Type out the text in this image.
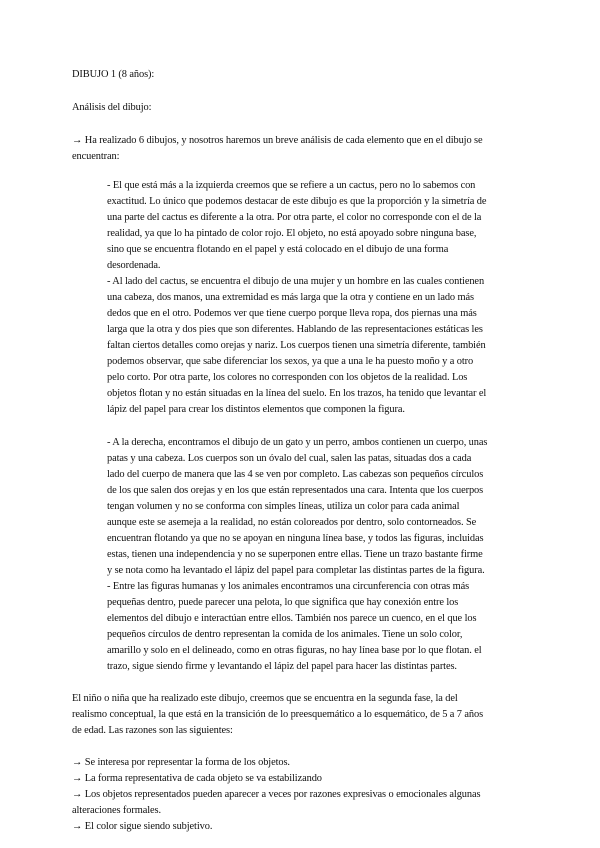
DIBUJO 1 (8 años):
Análisis del dibujo:
→ Ha realizado 6 dibujos, y nosotros haremos un breve análisis de cada elemento que en el dibujo se
encuentran:
- El que está más a la izquierda creemos que se refiere a un cactus, pero no lo sabemos con
exactitud. Lo único que podemos destacar de este dibujo es que la proporción y la simetría de
una parte del cactus es diferente a la otra. Por otra parte, el color no corresponde con el de la
realidad, ya que lo ha pintado de color rojo. El objeto, no está apoyado sobre ninguna base,
sino que se encuentra flotando en el papel y está colocado en el dibujo de una forma
desordenada.
- Al lado del cactus, se encuentra el dibujo de una mujer y un hombre en las cuales contienen
una cabeza, dos manos, una extremidad es más larga que la otra y contiene en un lado más
dedos que en el otro. Podemos ver que tiene cuerpo porque lleva ropa, dos piernas una más
larga que la otra y dos pies que son diferentes. Hablando de las representaciones estáticas les
faltan ciertos detalles como orejas y nariz. Los cuerpos tienen una simetría diferente, también
podemos observar, que sabe diferenciar los sexos, ya que a una le ha puesto moño y a otro
pelo corto. Por otra parte, los colores no corresponden con los objetos de la realidad. Los
objetos flotan y no están situadas en la línea del suelo. En los trazos, ha tenido que levantar el
lápiz del papel para crear los distintos elementos que componen la figura.
- A la derecha, encontramos el dibujo de un gato y un perro, ambos contienen un cuerpo, unas
patas y una cabeza. Los cuerpos son un óvalo del cual, salen las patas, situadas dos a cada
lado del cuerpo de manera que las 4 se ven por completo. Las cabezas son pequeños círculos
de los que salen dos orejas y en los que están representados una cara. Intenta que los cuerpos
tengan volumen y no se conforma con simples líneas, utiliza un color para cada animal
aunque este se asemeja a la realidad, no están coloreados por dentro, solo contorneados. Se
encuentran flotando ya que no se apoyan en ninguna línea base, y todos las figuras, incluidas
estas, tienen una independencia y no se superponen entre ellas. Tiene un trazo bastante firme
y se nota como ha levantado el lápiz del papel para completar las distintas partes de la figura.
- Entre las figuras humanas y los animales encontramos una circunferencia con otras más
pequeñas dentro, puede parecer una pelota, lo que significa que hay conexión entre los
elementos del dibujo e interactúan entre ellos. También nos parece un cuenco, en el que los
pequeños círculos de dentro representan la comida de los animales. Tiene un solo color,
amarillo y solo en el delineado, como en otras figuras, no hay línea base por lo que flotan. el
trazo, sigue siendo firme y levantando el lápiz del papel para hacer las distintas partes.
El niño o niña que ha realizado este dibujo, creemos que se encuentra en la segunda fase, la del
realismo conceptual, la que está en la transición de lo preesquemático a lo esquemático, de 5 a 7 años
de edad. Las razones son las siguientes:
→ Se interesa por representar la forma de los objetos.
→ La forma representativa de cada objeto se va estabilizando
→ Los objetos representados pueden aparecer a veces por razones expresivas o emocionales algunas
alteraciones formales.
→ El color sigue siendo subjetivo.
